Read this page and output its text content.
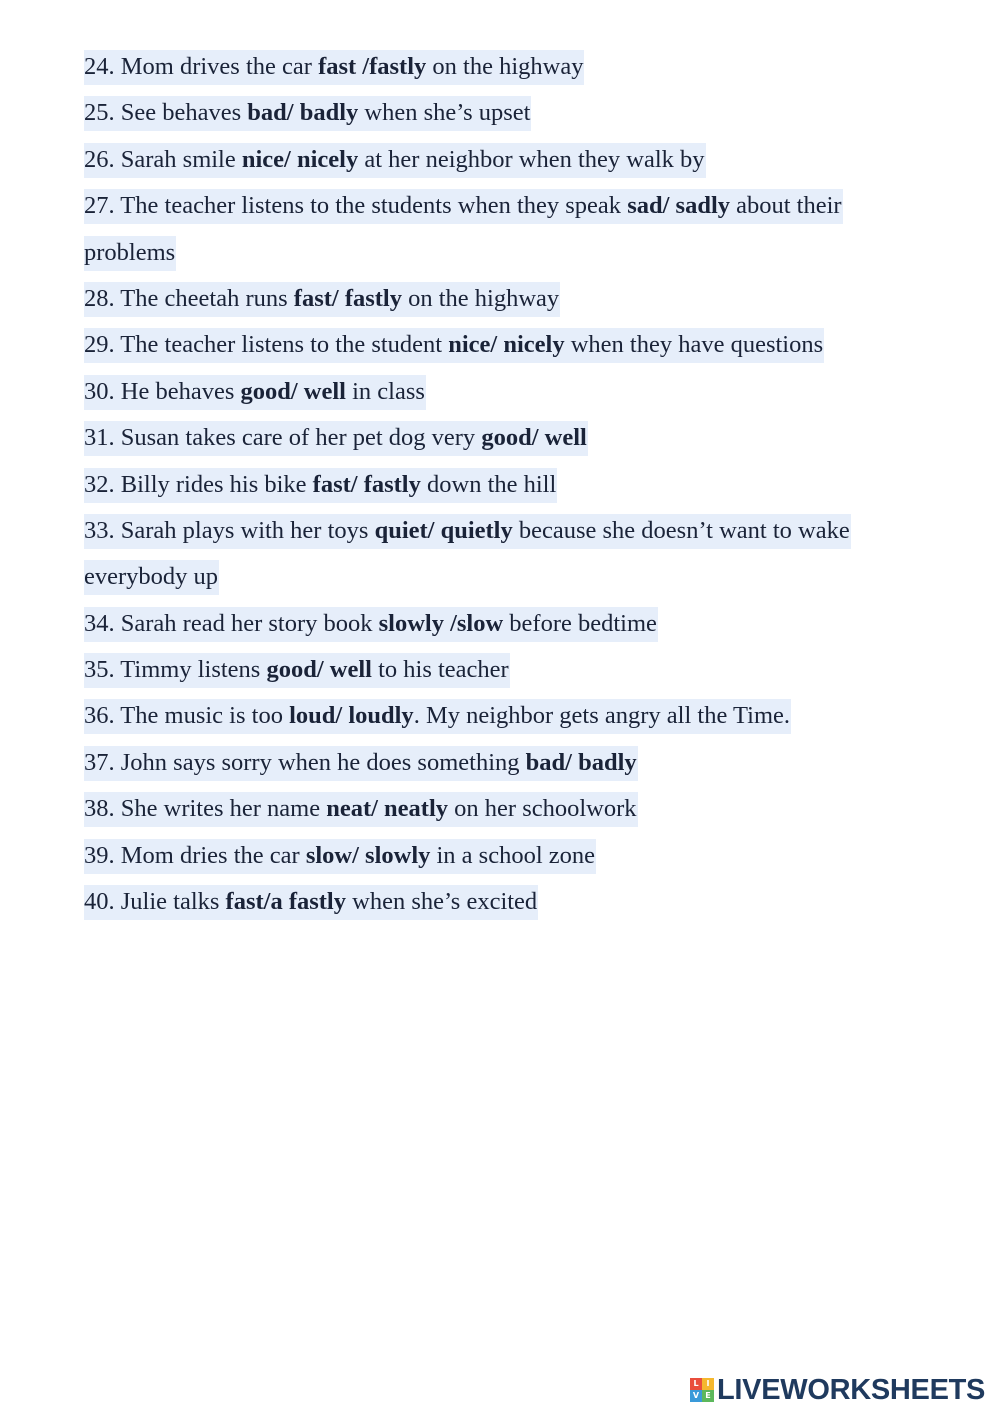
24. Mom drives the car fast /fastly on the highway
25. See behaves bad/ badly when she’s upset
26. Sarah smile nice/ nicely at her neighbor when they walk by
27. The teacher listens to the students when they speak sad/ sadly about their
problems
28. The cheetah runs fast/ fastly on the highway
29. The teacher listens to the student nice/ nicely when they have questions
30. He behaves good/ well in class
31. Susan takes care of her pet dog very good/ well
32. Billy rides his bike fast/ fastly down the hill
33. Sarah plays with her toys quiet/ quietly because she doesn’t want to wake
everybody up
34. Sarah read her story book slowly /slow before bedtime
35. Timmy listens good/ well to his teacher
36. The music is too loud/ loudly. My neighbor gets angry all the Time.
37. John says sorry when he does something bad/ badly
38. She writes her name neat/ neatly on her schoolwork
39. Mom dries the car slow/ slowly in a school zone
40. Julie talks fast/a fastly when she’s excited
L I
V E LIVEWORKSHEETS
